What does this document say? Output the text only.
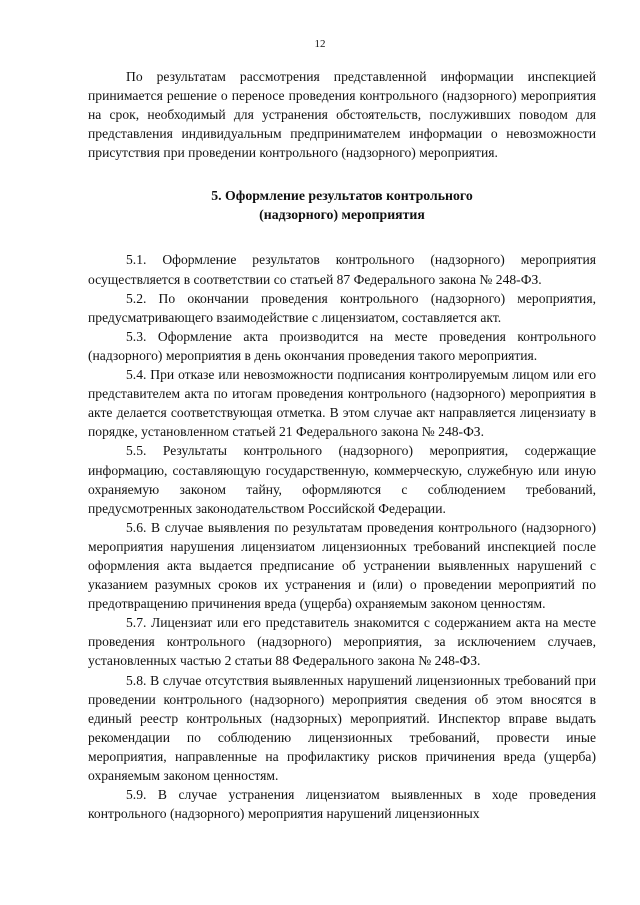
12

По результатам рассмотрения представленной информации инспекцией принимается решение о переносе проведения контрольного (надзорного) мероприятия на срок, необходимый для устранения обстоятельств, послуживших поводом для представления индивидуальным предпринимателем информации о невозможности присутствия при проведении контрольного (надзорного) мероприятия.

5. Оформление результатов контрольного
(надзорного) мероприятия

5.1. Оформление результатов контрольного (надзорного) мероприятия осуществляется в соответствии со статьей 87 Федерального закона № 248-ФЗ.

5.2. По окончании проведения контрольного (надзорного) мероприятия, предусматривающего взаимодействие с лицензиатом, составляется акт.

5.3. Оформление акта производится на месте проведения контрольного (надзорного) мероприятия в день окончания проведения такого мероприятия.

5.4. При отказе или невозможности подписания контролируемым лицом или его представителем акта по итогам проведения контрольного (надзорного) мероприятия в акте делается соответствующая отметка. В этом случае акт направляется лицензиату в порядке, установленном статьей 21 Федерального закона № 248-ФЗ.

5.5. Результаты контрольного (надзорного) мероприятия, содержащие информацию, составляющую государственную, коммерческую, служебную или иную охраняемую законом тайну, оформляются с соблюдением требований, предусмотренных законодательством Российской Федерации.

5.6. В случае выявления по результатам проведения контрольного (надзорного) мероприятия нарушения лицензиатом лицензионных требований инспекцией после оформления акта выдается предписание об устранении выявленных нарушений с указанием разумных сроков их устранения и (или) о проведении мероприятий по предотвращению причинения вреда (ущерба) охраняемым законом ценностям.

5.7. Лицензиат или его представитель знакомится с содержанием акта на месте проведения контрольного (надзорного) мероприятия, за исключением случаев, установленных частью 2 статьи 88 Федерального закона № 248-ФЗ.

5.8. В случае отсутствия выявленных нарушений лицензионных требований при проведении контрольного (надзорного) мероприятия сведения об этом вносятся в единый реестр контрольных (надзорных) мероприятий. Инспектор вправе выдать рекомендации по соблюдению лицензионных требований, провести иные мероприятия, направленные на профилактику рисков причинения вреда (ущерба) охраняемым законом ценностям.

5.9. В случае устранения лицензиатом выявленных в ходе проведения контрольного (надзорного) мероприятия нарушений лицензионных
